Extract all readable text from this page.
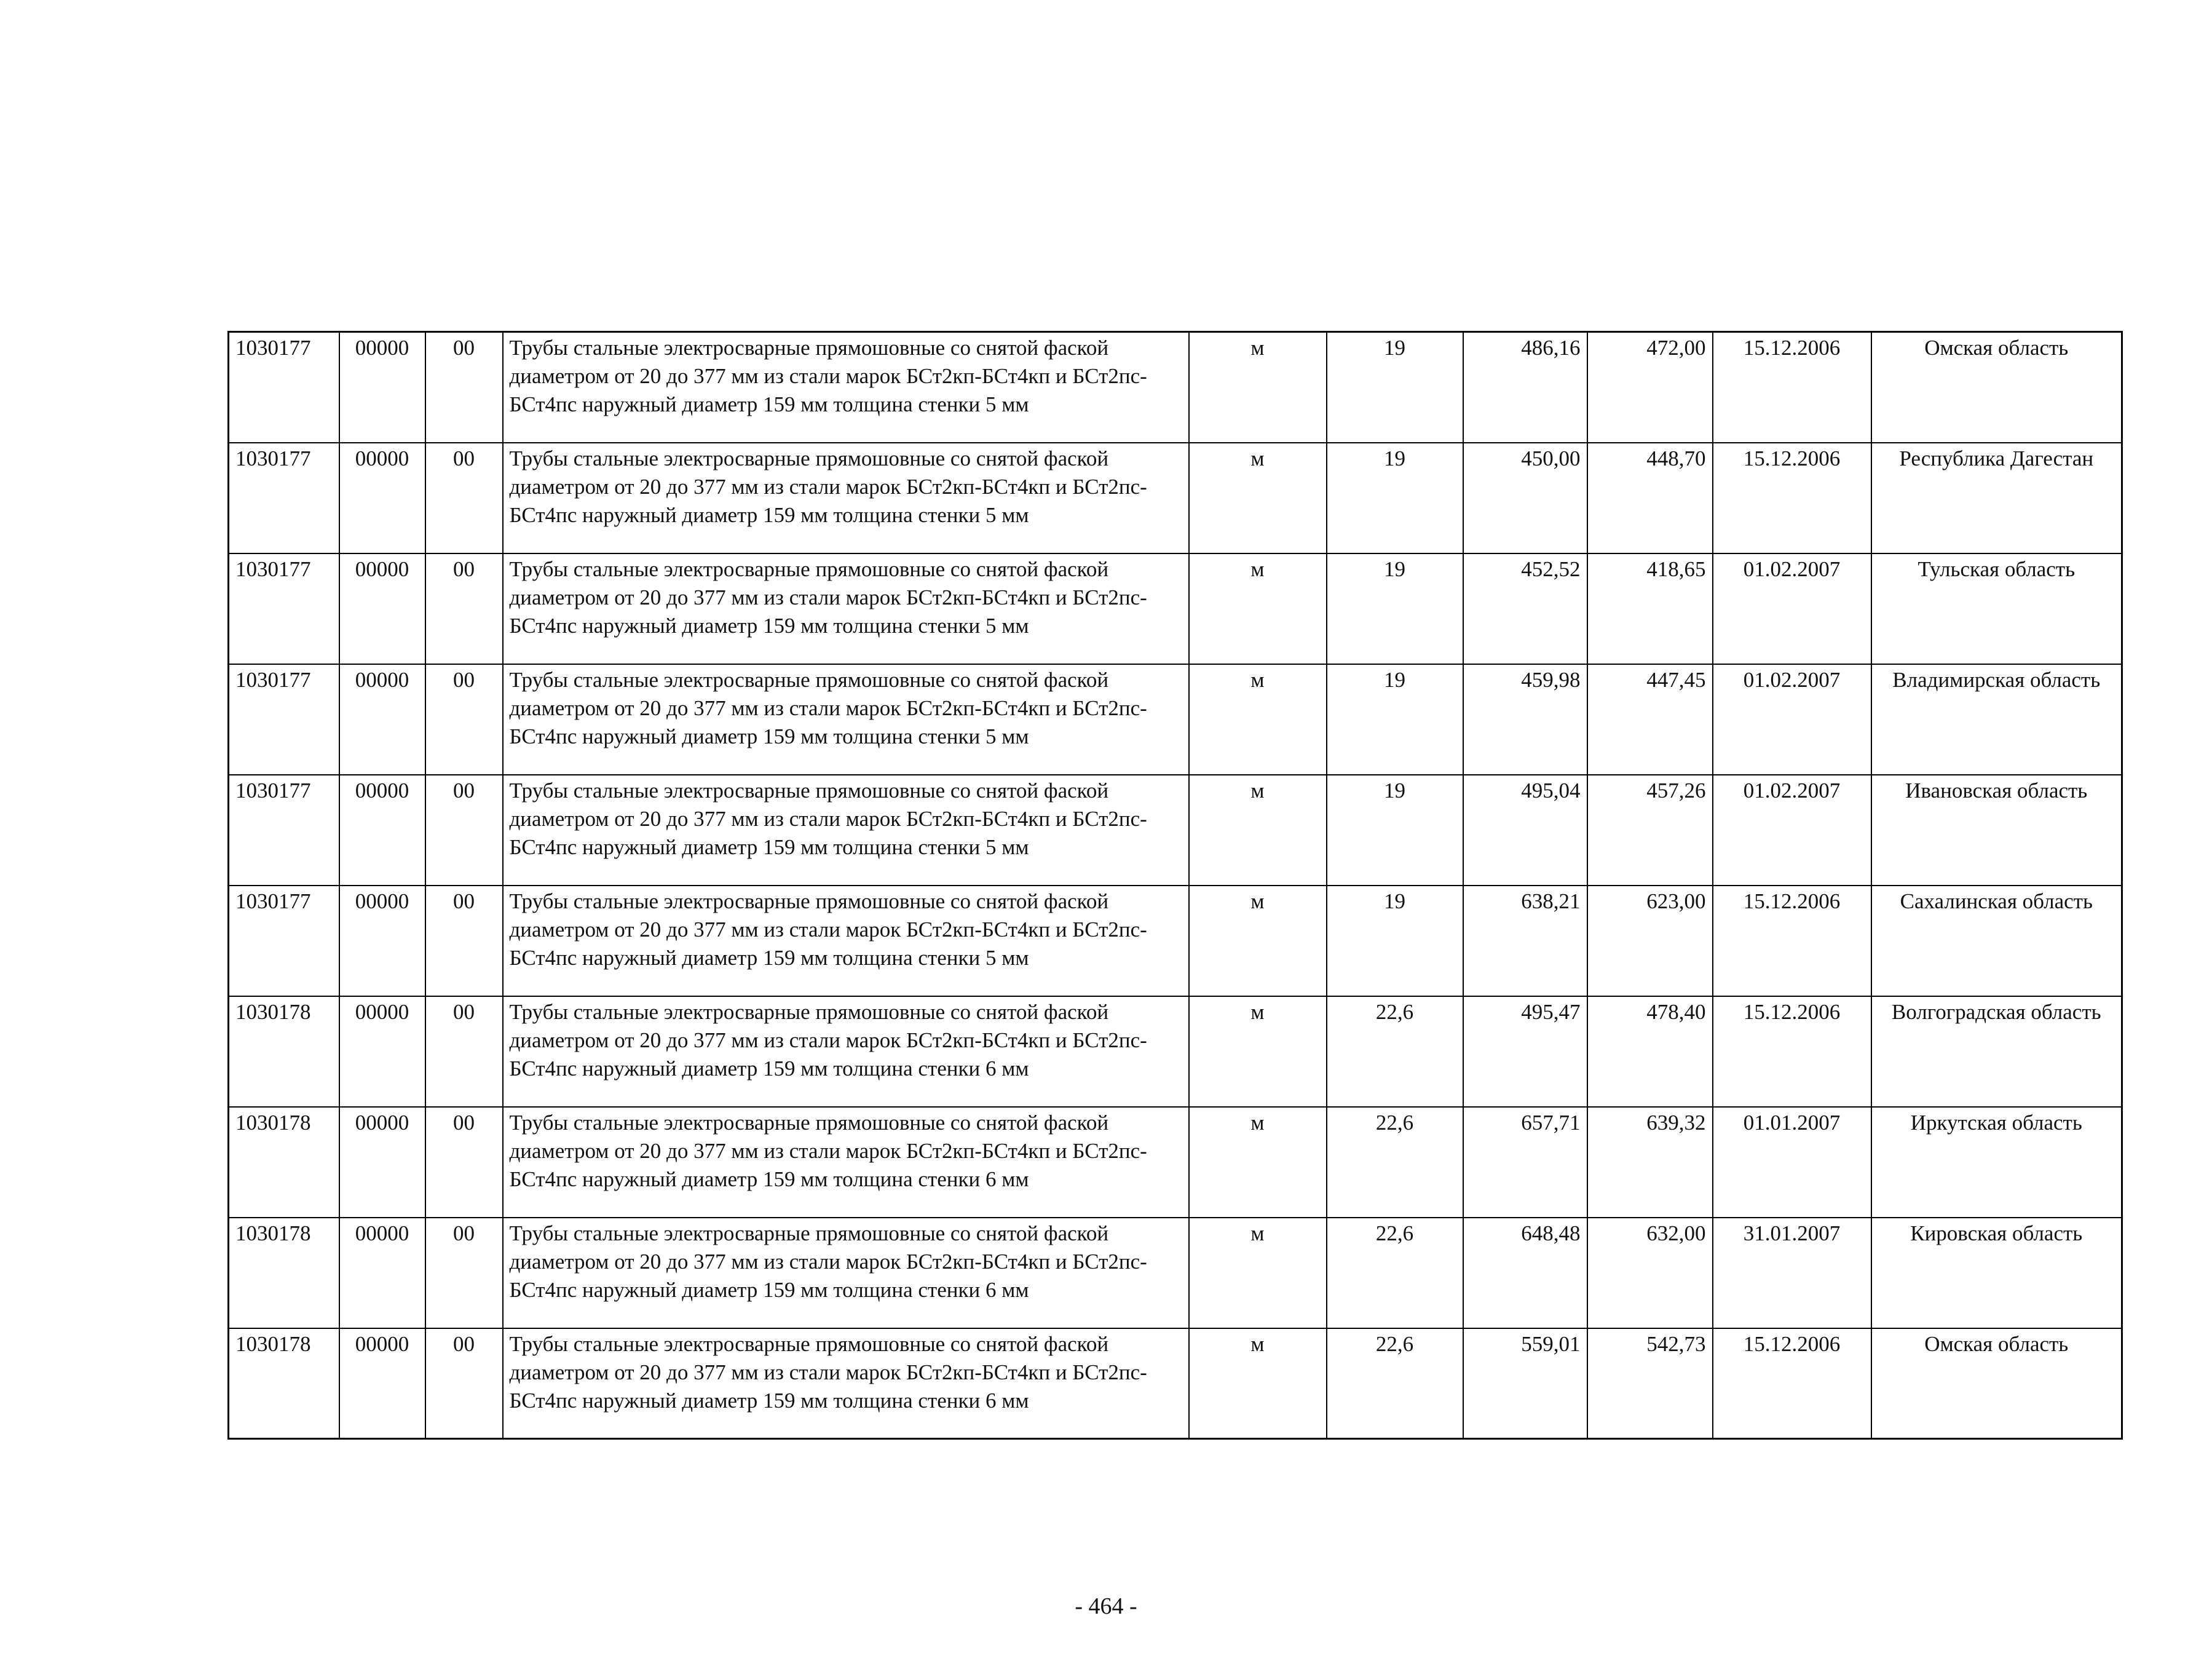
1030177	00000	00	Трубы стальные электросварные прямошовные со снятой фаской диаметром от 20 до 377 мм из стали марок БСт2кп-БСт4кп и БСт2пс-БСт4пс наружный диаметр 159 мм толщина стенки 5 мм	м	19	486,16	472,00	15.12.2006	Омская область
1030177	00000	00	Трубы стальные электросварные прямошовные со снятой фаской диаметром от 20 до 377 мм из стали марок БСт2кп-БСт4кп и БСт2пс-БСт4пс наружный диаметр 159 мм толщина стенки 5 мм	м	19	450,00	448,70	15.12.2006	Республика Дагестан
1030177	00000	00	Трубы стальные электросварные прямошовные со снятой фаской диаметром от 20 до 377 мм из стали марок БСт2кп-БСт4кп и БСт2пс-БСт4пс наружный диаметр 159 мм толщина стенки 5 мм	м	19	452,52	418,65	01.02.2007	Тульская область
1030177	00000	00	Трубы стальные электросварные прямошовные со снятой фаской диаметром от 20 до 377 мм из стали марок БСт2кп-БСт4кп и БСт2пс-БСт4пс наружный диаметр 159 мм толщина стенки 5 мм	м	19	459,98	447,45	01.02.2007	Владимирская область
1030177	00000	00	Трубы стальные электросварные прямошовные со снятой фаской диаметром от 20 до 377 мм из стали марок БСт2кп-БСт4кп и БСт2пс-БСт4пс наружный диаметр 159 мм толщина стенки 5 мм	м	19	495,04	457,26	01.02.2007	Ивановская область
1030177	00000	00	Трубы стальные электросварные прямошовные со снятой фаской диаметром от 20 до 377 мм из стали марок БСт2кп-БСт4кп и БСт2пс-БСт4пс наружный диаметр 159 мм толщина стенки 5 мм	м	19	638,21	623,00	15.12.2006	Сахалинская область
1030178	00000	00	Трубы стальные электросварные прямошовные со снятой фаской диаметром от 20 до 377 мм из стали марок БСт2кп-БСт4кп и БСт2пс-БСт4пс наружный диаметр 159 мм толщина стенки 6 мм	м	22,6	495,47	478,40	15.12.2006	Волгоградская область
1030178	00000	00	Трубы стальные электросварные прямошовные со снятой фаской диаметром от 20 до 377 мм из стали марок БСт2кп-БСт4кп и БСт2пс-БСт4пс наружный диаметр 159 мм толщина стенки 6 мм	м	22,6	657,71	639,32	01.01.2007	Иркутская область
1030178	00000	00	Трубы стальные электросварные прямошовные со снятой фаской диаметром от 20 до 377 мм из стали марок БСт2кп-БСт4кп и БСт2пс-БСт4пс наружный диаметр 159 мм толщина стенки 6 мм	м	22,6	648,48	632,00	31.01.2007	Кировская область
1030178	00000	00	Трубы стальные электросварные прямошовные со снятой фаской диаметром от 20 до 377 мм из стали марок БСт2кп-БСт4кп и БСт2пс-БСт4пс наружный диаметр 159 мм толщина стенки 6 мм	м	22,6	559,01	542,73	15.12.2006	Омская область
- 464 -
